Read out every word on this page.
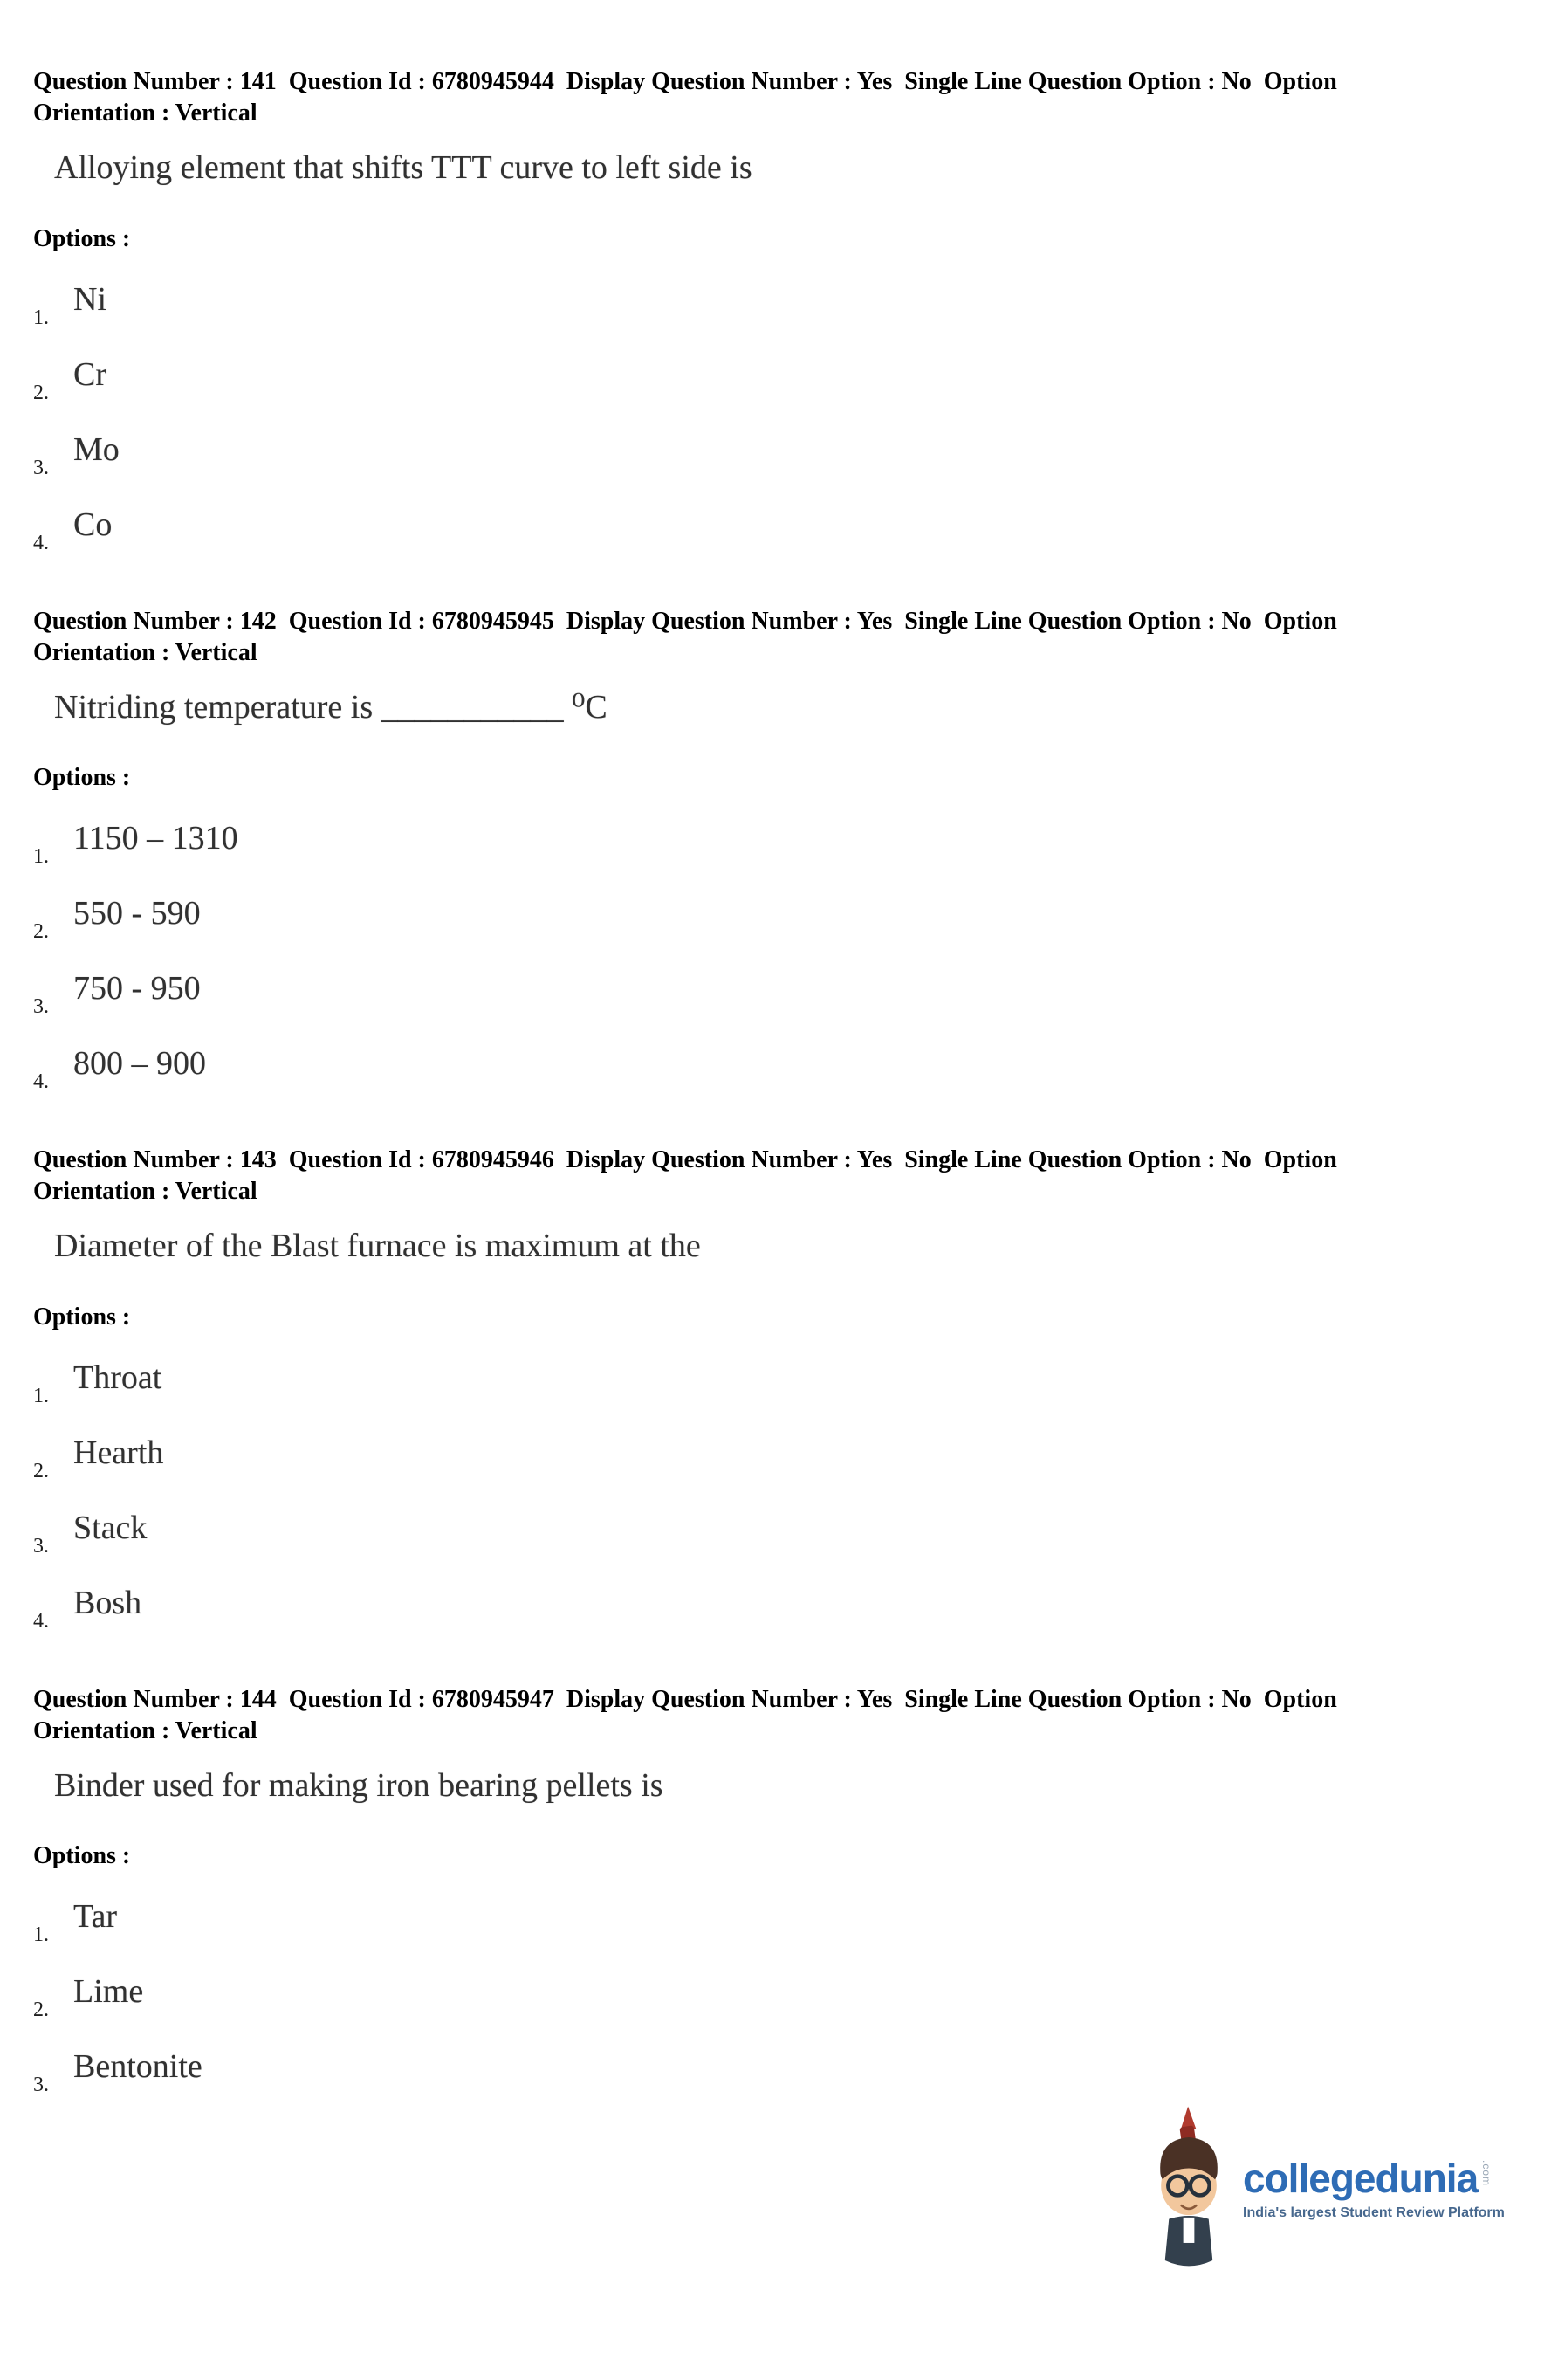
Question Number : 141  Question Id : 6780945944  Display Question Number : Yes  Single Line Question Option : No  Option
Orientation : Vertical
Alloying element that shifts TTT curve to left side is
Options :
1. Ni
2. Cr
3. Mo
4. Co
Question Number : 142  Question Id : 6780945945  Display Question Number : Yes  Single Line Question Option : No  Option
Orientation : Vertical
Nitriding temperature is ___________ ⁰C
Options :
1. 1150 – 1310
2. 550 - 590
3. 750 - 950
4. 800 – 900
Question Number : 143  Question Id : 6780945946  Display Question Number : Yes  Single Line Question Option : No  Option
Orientation : Vertical
Diameter of the Blast furnace is maximum at the
Options :
1. Throat
2. Hearth
3. Stack
4. Bosh
Question Number : 144  Question Id : 6780945947  Display Question Number : Yes  Single Line Question Option : No  Option
Orientation : Vertical
Binder used for making iron bearing pellets is
Options :
1. Tar
2. Lime
3. Bentonite
collegedunia .com
India's largest Student Review Platform
